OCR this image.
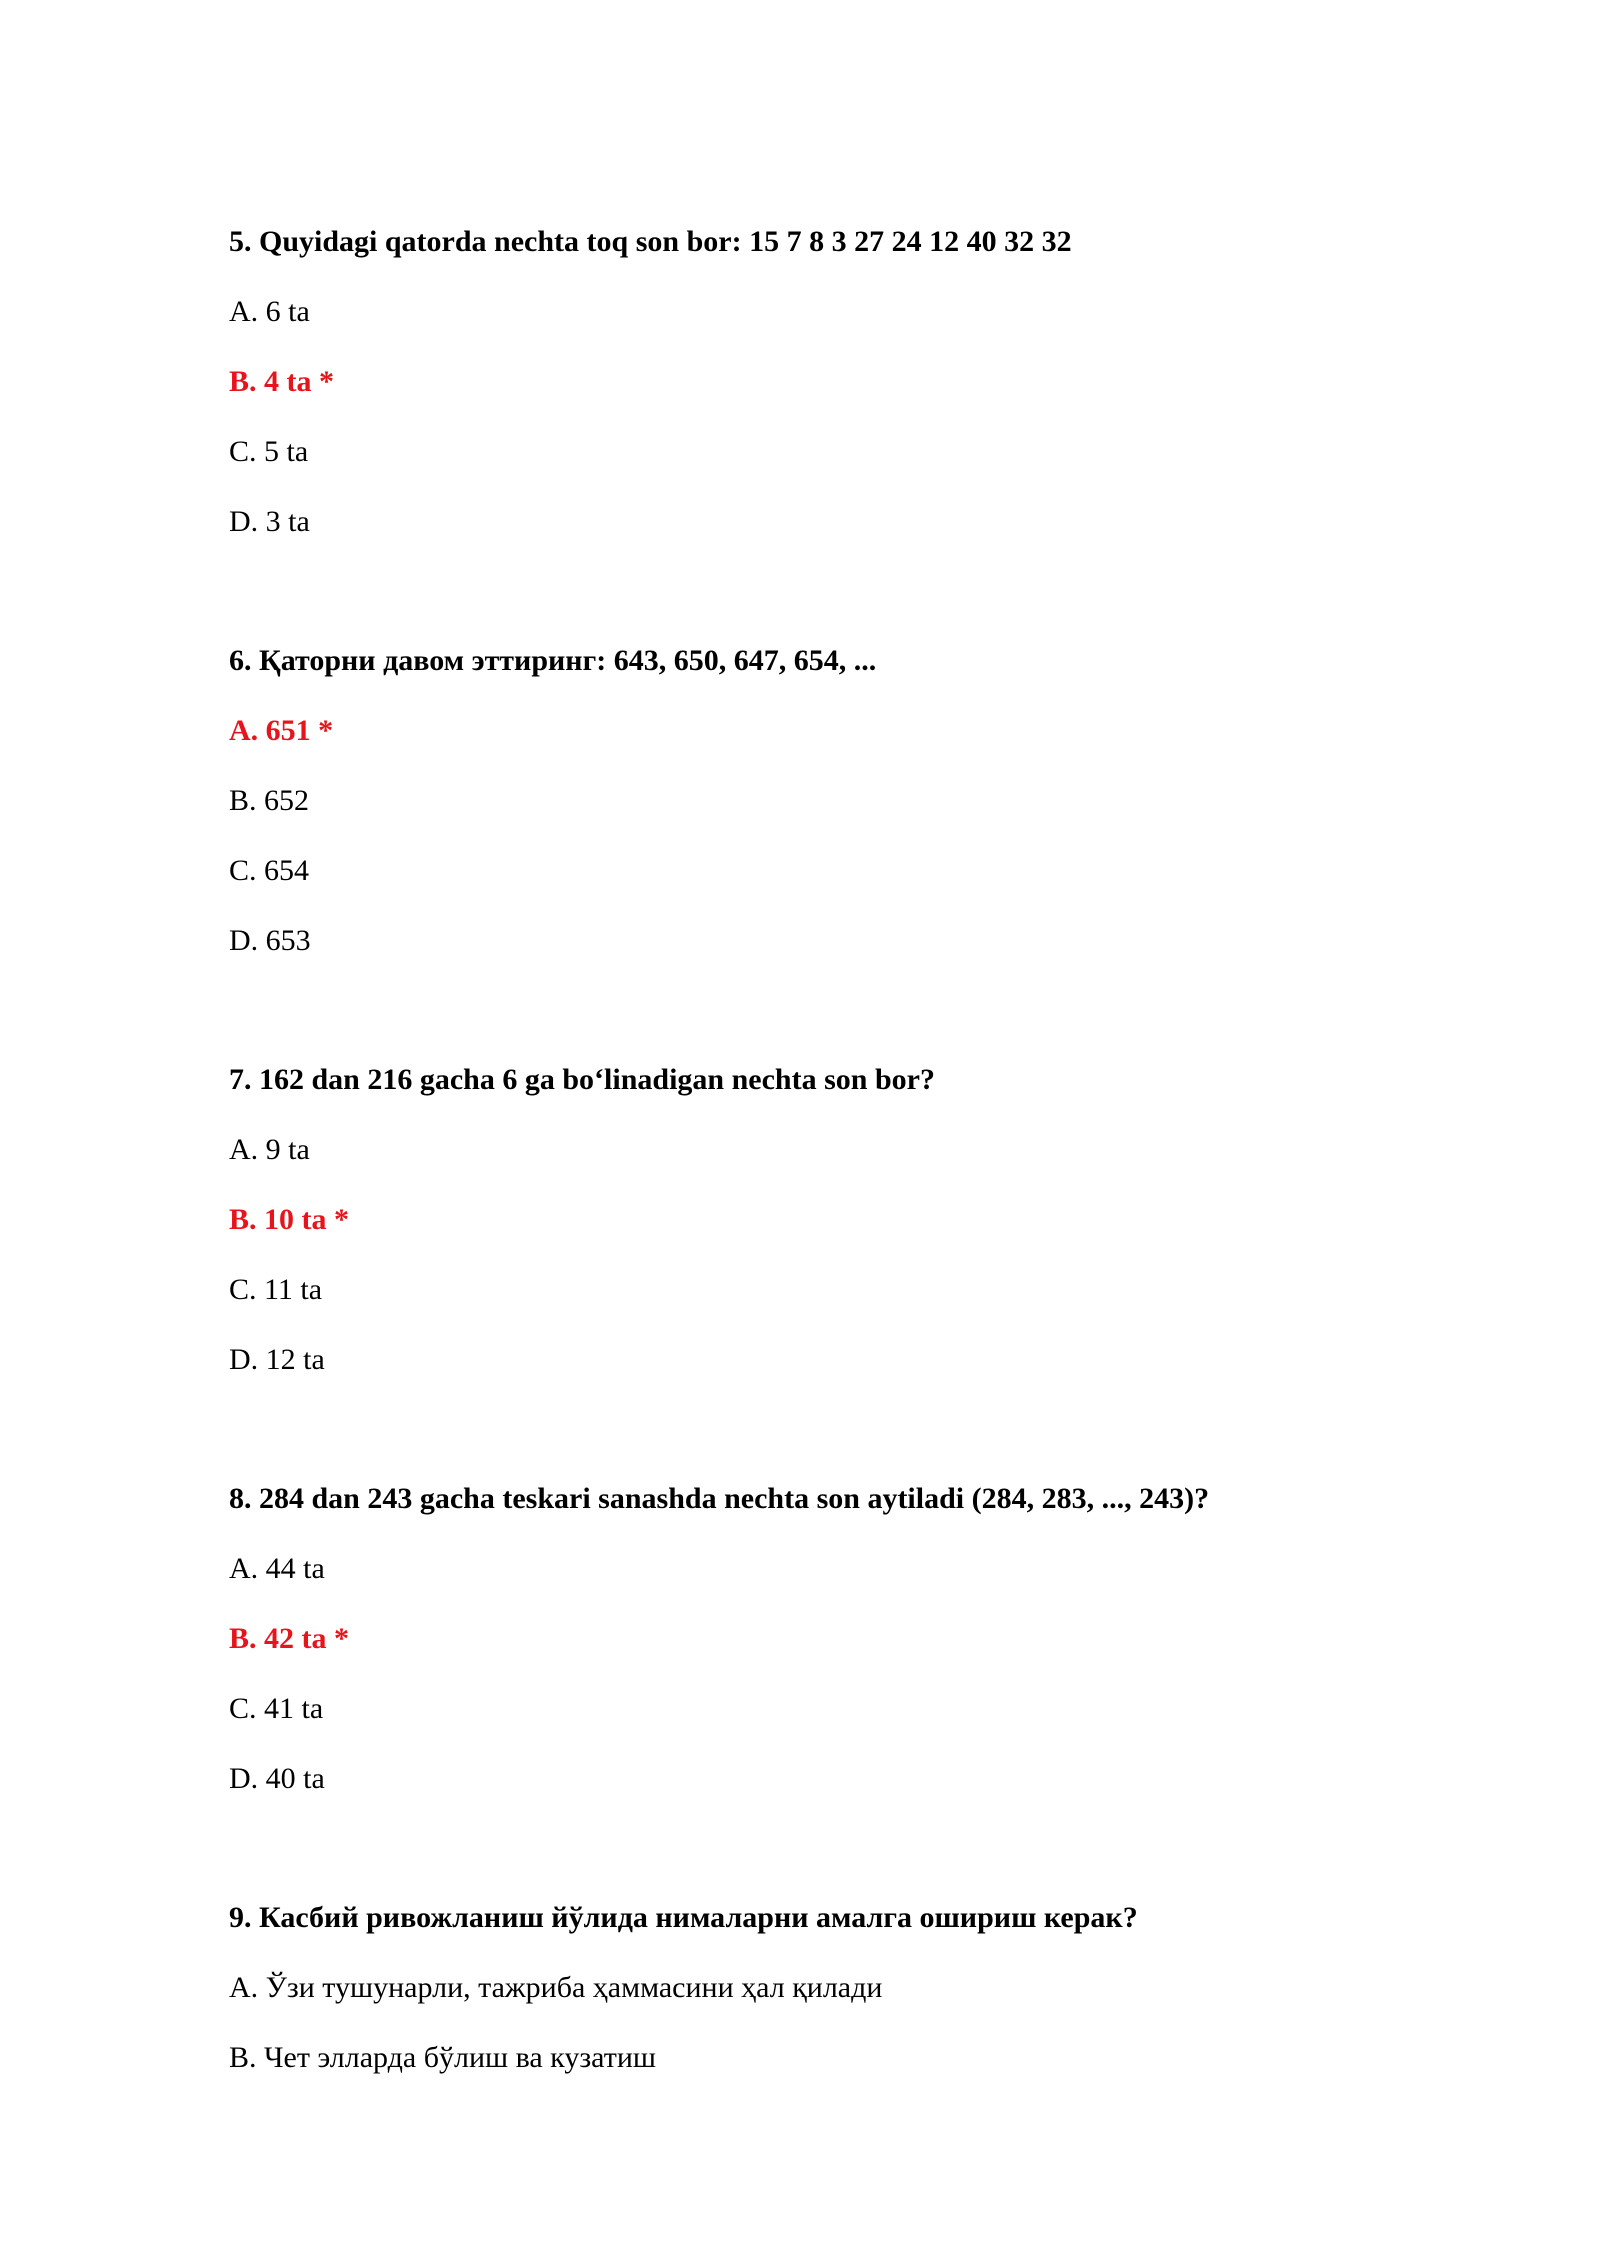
5. Quyidagi qatorda nechta toq son bor: 15 7 8 3 27 24 12 40 32 32
A. 6 ta
B. 4 ta *
C. 5 ta
D. 3 ta
6. Қаторни давом эттиринг: 643, 650, 647, 654, ...
A. 651 *
B. 652
C. 654
D. 653
7. 162 dan 216 gacha 6 ga bo‘linadigan nechta son bor?
A. 9 ta
B. 10 ta *
C. 11 ta
D. 12 ta
8. 284 dan 243 gacha teskari sanashda nechta son aytiladi (284, 283, ..., 243)?
A. 44 ta
B. 42 ta *
C. 41 ta
D. 40 ta
9. Касбий ривожланиш йўлида нималарни амалга ошириш керак?
A. Ўзи тушунарли, тажриба ҳаммасини ҳал қилади
B. Чет элларда бўлиш ва кузатиш
